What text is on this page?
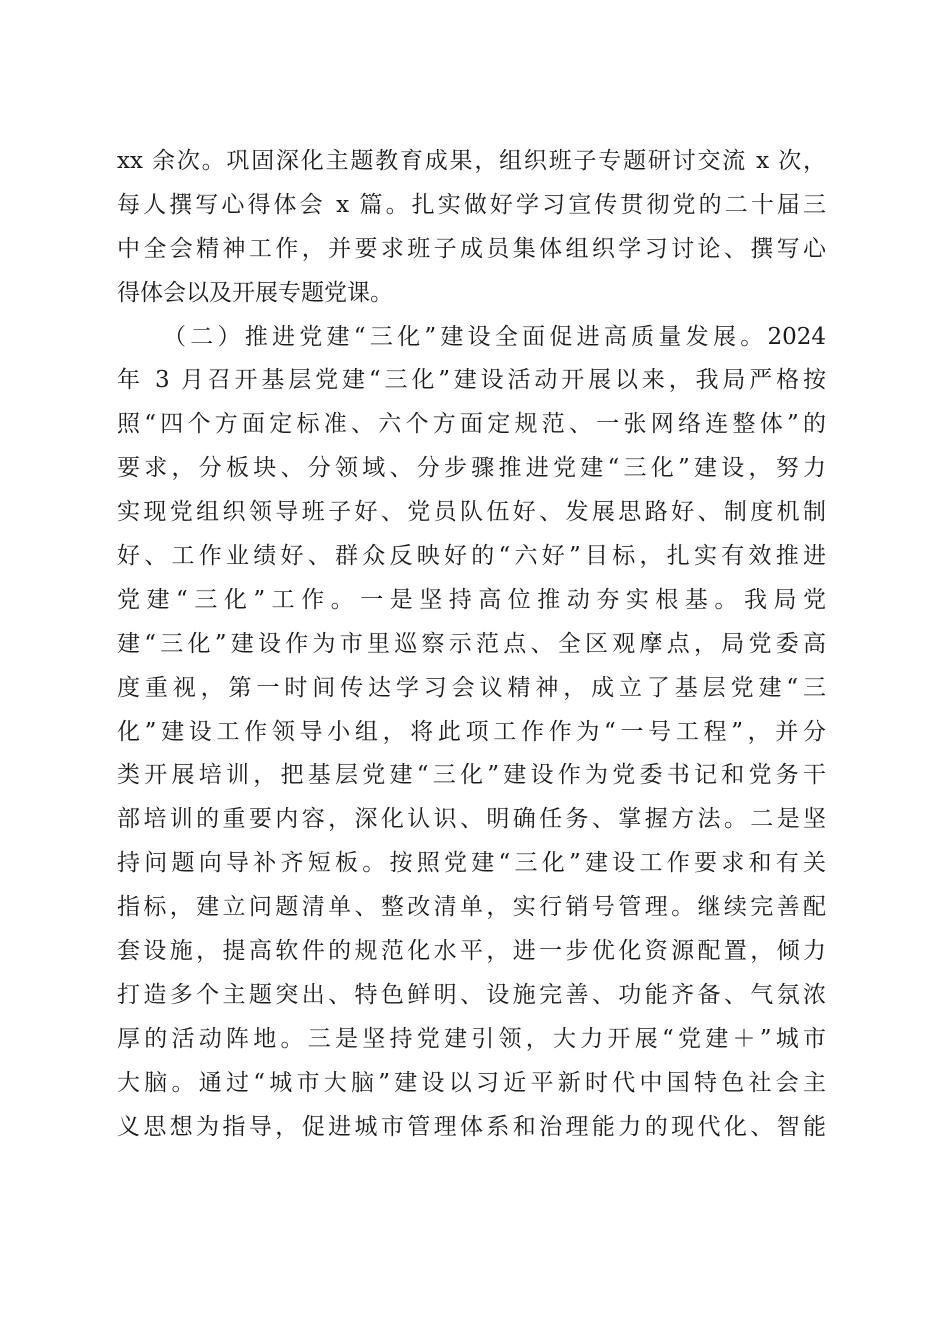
xx 余次。巩固深化主题教育成果，组织班子专题研讨交流 x 次，
每人撰写心得体会 x 篇。扎实做好学习宣传贯彻党的二十届三
中全会精神工作，并要求班子成员集体组织学习讨论、撰写心
得体会以及开展专题党课。
（二）推进党建“三化”建设全面促进高质量发展。2024
年 3 月召开基层党建“三化”建设活动开展以来，我局严格按
照“四个方面定标准、六个方面定规范、一张网络连整体”的
要求，分板块、分领域、分步骤推进党建“三化”建设，努力
实现党组织领导班子好、党员队伍好、发展思路好、制度机制
好、工作业绩好、群众反映好的“六好”目标，扎实有效推进
党建“三化”工作。一是坚持高位推动夯实根基。我局党
建“三化”建设作为市里巡察示范点、全区观摩点，局党委高
度重视，第一时间传达学习会议精神，成立了基层党建“三
化”建设工作领导小组，将此项工作作为“一号工程”，并分
类开展培训，把基层党建“三化”建设作为党委书记和党务干
部培训的重要内容，深化认识、明确任务、掌握方法。二是坚
持问题向导补齐短板。按照党建“三化”建设工作要求和有关
指标，建立问题清单、整改清单，实行销号管理。继续完善配
套设施，提高软件的规范化水平，进一步优化资源配置，倾力
打造多个主题突出、特色鲜明、设施完善、功能齐备、气氛浓
厚的活动阵地。三是坚持党建引领，大力开展“党建＋”城市
大脑。通过“城市大脑”建设以习近平新时代中国特色社会主
义思想为指导，促进城市管理体系和治理能力的现代化、智能
